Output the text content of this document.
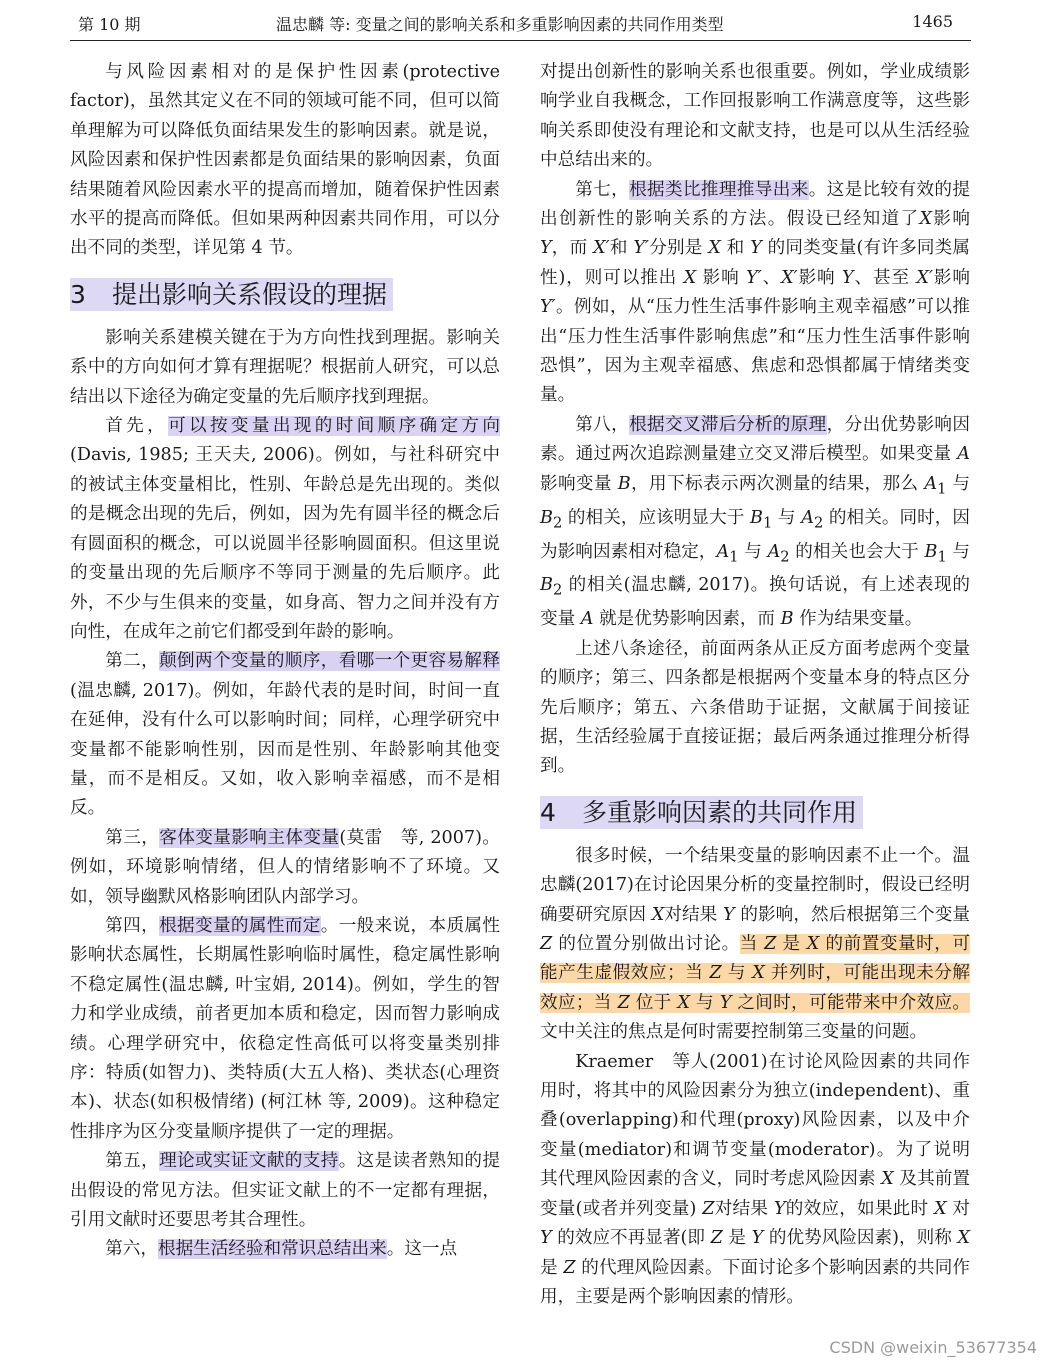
第 10 期	温忠麟 等: 变量之间的影响关系和多重影响因素的共同作用类型	1465

与风险因素相对的是保护性因素(protective factor)，虽然其定义在不同的领域可能不同，但可以简单理解为可以降低负面结果发生的影响因素。就是说，风险因素和保护性因素都是负面结果的影响因素，负面结果随着风险因素水平的提高而增加，随着保护性因素水平的提高而降低。但如果两种因素共同作用，可以分出不同的类型，详见第 4 节。

3 提出影响关系假设的理据

影响关系建模关键在于为方向性找到理据。影响关系中的方向如何才算有理据呢？根据前人研究，可以总结出以下途径为确定变量的先后顺序找到理据。

首先，可以按变量出现的时间顺序确定方向(Davis, 1985; 王天夫, 2006)。例如，与社科研究中的被试主体变量相比，性别、年龄总是先出现的。类似的是概念出现的先后，例如，因为先有圆半径的概念后有圆面积的概念，可以说圆半径影响圆面积。但这里说的变量出现的先后顺序不等同于测量的先后顺序。此外，不少与生俱来的变量，如身高、智力之间并没有方向性，在成年之前它们都受到年龄的影响。

第二，颠倒两个变量的顺序，看哪一个更容易解释(温忠麟, 2017)。例如，年龄代表的是时间，时间一直在延伸，没有什么可以影响时间；同样，心理学研究中变量都不能影响性别，因而是性别、年龄影响其他变量，而不是相反。又如，收入影响幸福感，而不是相反。

第三，客体变量影响主体变量(莫雷　等, 2007)。例如，环境影响情绪，但人的情绪影响不了环境。又如，领导幽默风格影响团队内部学习。

第四，根据变量的属性而定。一般来说，本质属性影响状态属性，长期属性影响临时属性，稳定属性影响不稳定属性(温忠麟, 叶宝娟, 2014)。例如，学生的智力和学业成绩，前者更加本质和稳定，因而智力影响成绩。心理学研究中，依稳定性高低可以将变量类别排序：特质(如智力)、类特质(大五人格)、类状态(心理资本)、状态(如积极情绪) (柯江林 等, 2009)。这种稳定性排序为区分变量顺序提供了一定的理据。

第五，理论或实证文献的支持。这是读者熟知的提出假设的常见方法。但实证文献上的不一定都有理据，引用文献时还要思考其合理性。

第六，根据生活经验和常识总结出来。这一点

对提出创新性的影响关系也很重要。例如，学业成绩影响学业自我概念，工作回报影响工作满意度等，这些影响关系即使没有理论和文献支持，也是可以从生活经验中总结出来的。

第七，根据类比推理推导出来。这是比较有效的提出创新性的影响关系的方法。假设已经知道了X影响 Y，而 X′和 Y′分别是 X 和 Y 的同类变量(有许多同类属性)，则可以推出 X 影响 Y′、X′影响 Y、甚至 X′影响 Y′。例如，从“压力性生活事件影响主观幸福感”可以推出“压力性生活事件影响焦虑”和“压力性生活事件影响恐惧”，因为主观幸福感、焦虑和恐惧都属于情绪类变量。

第八，根据交叉滞后分析的原理，分出优势影响因素。通过两次追踪测量建立交叉滞后模型。如果变量 A 影响变量 B，用下标表示两次测量的结果，那么 $A_1$ 与 $B_2$ 的相关，应该明显大于 $B_1$ 与 $A_2$ 的相关。同时，因为影响因素相对稳定，$A_1$ 与 $A_2$ 的相关也会大于 $B_1$ 与 $B_2$ 的相关(温忠麟, 2017)。换句话说，有上述表现的变量 A 就是优势影响因素，而 B 作为结果变量。

上述八条途径，前面两条从正反方面考虑两个变量的顺序；第三、四条都是根据两个变量本身的特点区分先后顺序；第五、六条借助于证据，文献属于间接证据，生活经验属于直接证据；最后两条通过推理分析得到。

4 多重影响因素的共同作用

很多时候，一个结果变量的影响因素不止一个。温忠麟(2017)在讨论因果分析的变量控制时，假设已经明确要研究原因 X对结果 Y 的影响，然后根据第三个变量 Z 的位置分别做出讨论。当 Z 是 X 的前置变量时，可能产生虚假效应；当 Z 与 X 并列时，可能出现未分解效应；当 Z 位于 X 与 Y 之间时，可能带来中介效应。文中关注的焦点是何时需要控制第三变量的问题。

Kraemer　等人(2001)在讨论风险因素的共同作用时，将其中的风险因素分为独立(independent)、重叠(overlapping)和代理(proxy)风险因素，以及中介变量(mediator)和调节变量(moderator)。为了说明其代理风险因素的含义，同时考虑风险因素 X 及其前置变量(或者并列变量) Z对结果 Y的效应，如果此时 X 对 Y 的效应不再显著(即 Z 是 Y 的优势风险因素)，则称 X 是 Z 的代理风险因素。下面讨论多个影响因素的共同作用，主要是两个影响因素的情形。

CSDN @weixin_53677354
